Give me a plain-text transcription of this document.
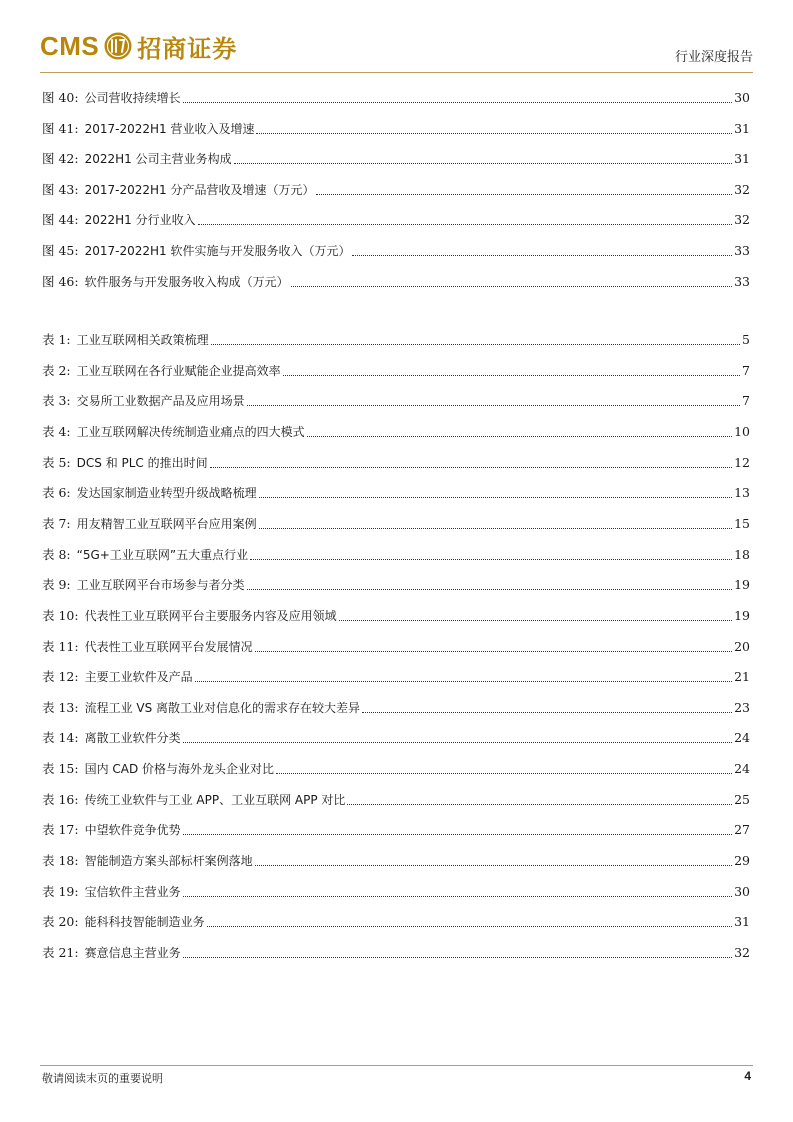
CMS 招商证券	行业深度报告
图 40: 公司营收持续增长	30
图 41: 2017-2022H1 营业收入及增速	31
图 42: 2022H1 公司主营业务构成	31
图 43: 2017-2022H1 分产品营收及增速（万元）	32
图 44: 2022H1 分行业收入	32
图 45: 2017-2022H1 软件实施与开发服务收入（万元）	33
图 46: 软件服务与开发服务收入构成（万元）	33
表 1: 工业互联网相关政策梳理	5
表 2: 工业互联网在各行业赋能企业提高效率	7
表 3: 交易所工业数据产品及应用场景	7
表 4: 工业互联网解决传统制造业痛点的四大模式	10
表 5: DCS 和 PLC 的推出时间	12
表 6: 发达国家制造业转型升级战略梳理	13
表 7: 用友精智工业互联网平台应用案例	15
表 8: “5G+工业互联网”五大重点行业	18
表 9: 工业互联网平台市场参与者分类	19
表 10: 代表性工业互联网平台主要服务内容及应用领域	19
表 11: 代表性工业互联网平台发展情况	20
表 12: 主要工业软件及产品	21
表 13: 流程工业 VS 离散工业对信息化的需求存在较大差异	23
表 14: 离散工业软件分类	24
表 15: 国内 CAD 价格与海外龙头企业对比	24
表 16: 传统工业软件与工业 APP、工业互联网 APP 对比	25
表 17: 中望软件竞争优势	27
表 18: 智能制造方案头部标杆案例落地	29
表 19: 宝信软件主营业务	30
表 20: 能科科技智能制造业务	31
表 21: 赛意信息主营业务	32
敬请阅读末页的重要说明	4
